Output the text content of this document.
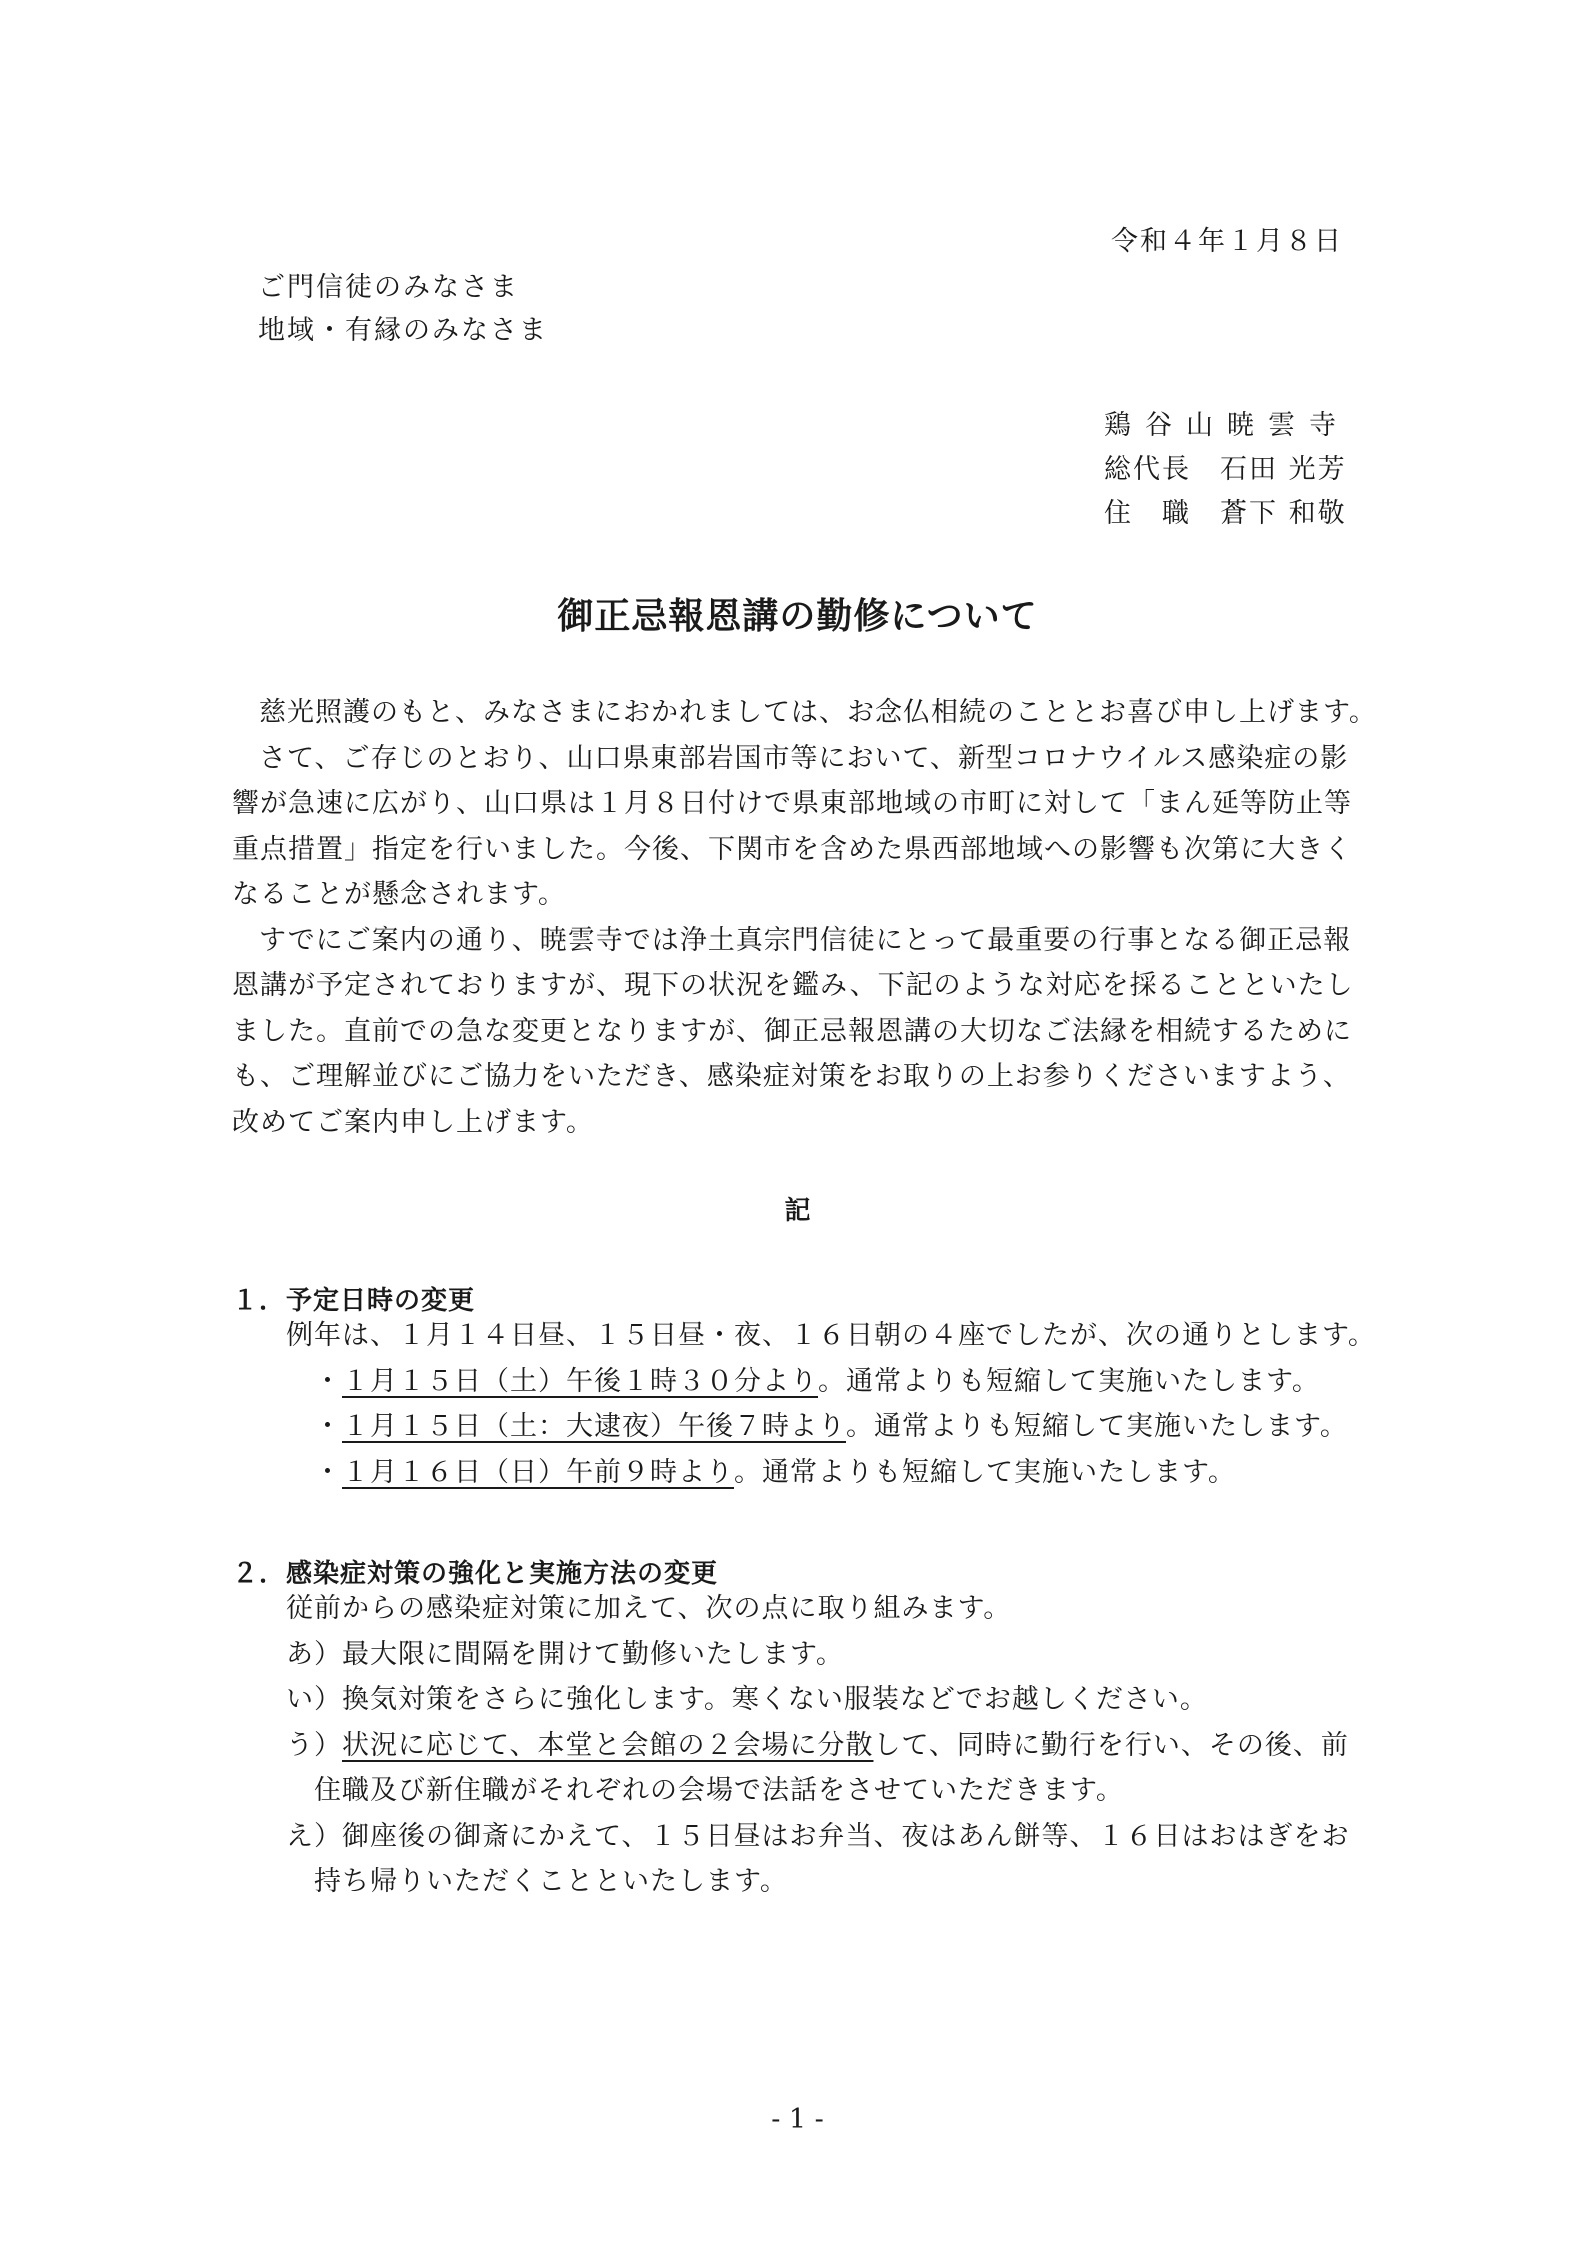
令和４年１月８日
ご門信徒のみなさま
地域・有縁のみなさま
鶏谷山暁雲寺
総代長　石田 光芳
住　職　蒼下 和敬
御正忌報恩講の勤修について
慈光照護のもと、みなさまにおかれましては、お念仏相続のこととお喜び申し上げます。
さて、ご存じのとおり、山口県東部岩国市等において、新型コロナウイルス感染症の影
響が急速に広がり、山口県は１月８日付けで県東部地域の市町に対して「まん延等防止等
重点措置」指定を行いました。今後、下関市を含めた県西部地域への影響も次第に大きく
なることが懸念されます。
すでにご案内の通り、暁雲寺では浄土真宗門信徒にとって最重要の行事となる御正忌報
恩講が予定されておりますが、現下の状況を鑑み、下記のような対応を採ることといたし
ました。直前での急な変更となりますが、御正忌報恩講の大切なご法縁を相続するために
も、ご理解並びにご協力をいただき、感染症対策をお取りの上お参りくださいますよう、
改めてご案内申し上げます。
記
１．予定日時の変更
例年は、１月１４日昼、１５日昼・夜、１６日朝の４座でしたが、次の通りとします。
・１月１５日（土）午後１時３０分より。通常よりも短縮して実施いたします。
・１月１５日（土：大逮夜）午後７時より。通常よりも短縮して実施いたします。
・１月１６日（日）午前９時より。通常よりも短縮して実施いたします。
２．感染症対策の強化と実施方法の変更
従前からの感染症対策に加えて、次の点に取り組みます。
あ）最大限に間隔を開けて勤修いたします。
い）換気対策をさらに強化します。寒くない服装などでお越しください。
う）状況に応じて、本堂と会館の２会場に分散して、同時に勤行を行い、その後、前
住職及び新住職がそれぞれの会場で法話をさせていただきます。
え）御座後の御斎にかえて、１５日昼はお弁当、夜はあん餅等、１６日はおはぎをお
持ち帰りいただくことといたします。
- 1 -
